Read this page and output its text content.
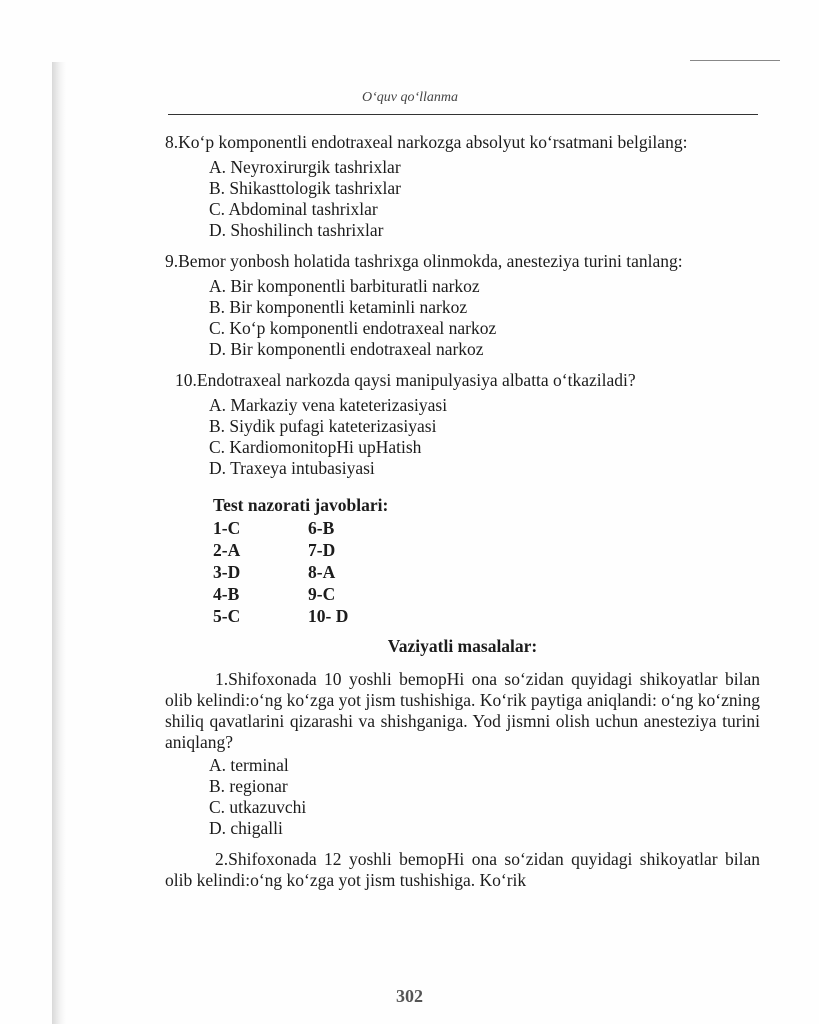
O‘quv qo‘llanma
8.Ko‘p komponentli endotraxeal narkozga absolyut ko‘rsatmani belgilang:
A. Neyroxirurgik tashrixlar
B. Shikasttologik tashrixlar
C. Abdominal tashrixlar
D. Shoshilinch tashrixlar
9.Bemor yonbosh holatida tashrixga olinmokda, anesteziya turini tanlang:
A. Bir komponentli barbituratli narkoz
B. Bir komponentli ketaminli narkoz
C. Ko‘p komponentli endotraxeal narkoz
D. Bir komponentli endotraxeal narkoz
10.Endotraxeal narkozda qaysi manipulyasiya albatta o‘tkaziladi?
A. Markaziy vena kateterizasiyasi
B. Siydik pufagi kateterizasiyasi
C. KardiomonitopHi upHatish
D. Traxeya intubasiyasi
Test nazorati javoblari:
1-C	6-B
2-A	7-D
3-D	8-A
4-B	9-C
5-C	10- D
Vaziyatli masalalar:
1.Shifoxonada 10 yoshli bemopHi ona so‘zidan quyidagi shikoyatlar bilan olib kelindi:o‘ng ko‘zga yot jism tushishiga. Ko‘rik paytiga aniqlandi: o‘ng ko‘zning shiliq qavatlarini qizarashi va shishganiga. Yod jismni olish uchun anesteziya turini aniqlang?
A. terminal
B. regionar
C. utkazuvchi
D. chigalli
2.Shifoxonada 12 yoshli bemopHi ona so‘zidan quyidagi shikoyatlar bilan olib kelindi:o‘ng ko‘zga yot jism tushishiga. Ko‘rik
302
